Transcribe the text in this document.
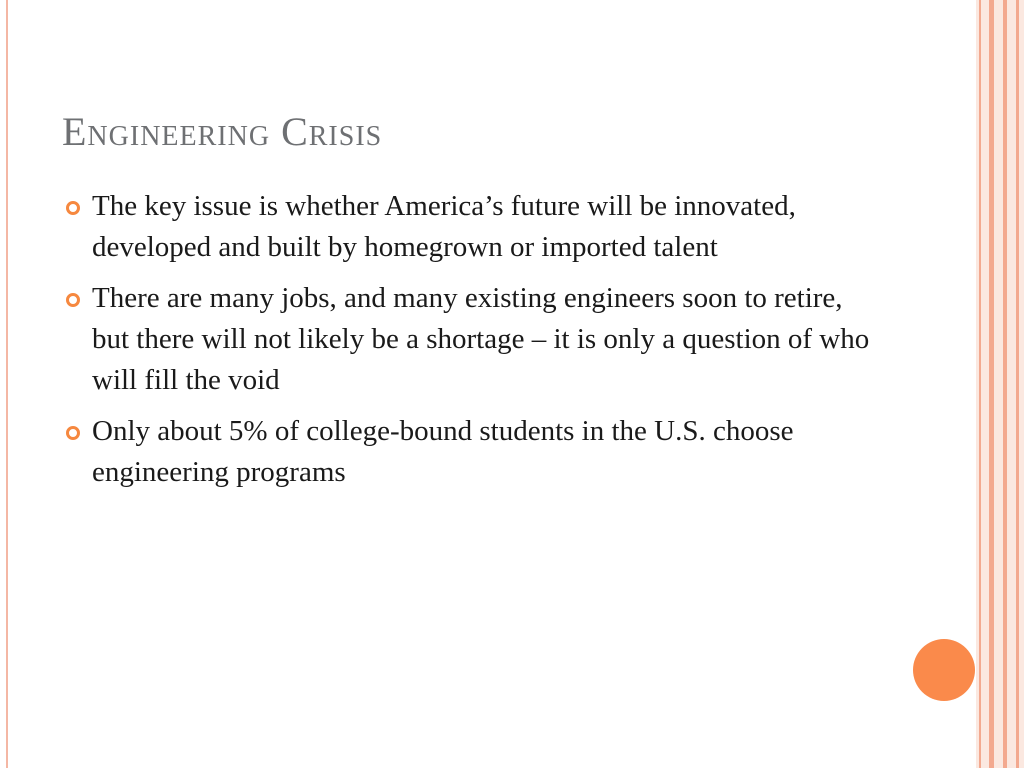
Engineering Crisis
The key issue is whether America’s future will be innovated, developed and built by homegrown or imported talent
There are many jobs, and many existing engineers soon to retire, but there will not likely be a shortage – it is only a question of who will fill the void
Only about 5% of college-bound students in the U.S. choose engineering programs
